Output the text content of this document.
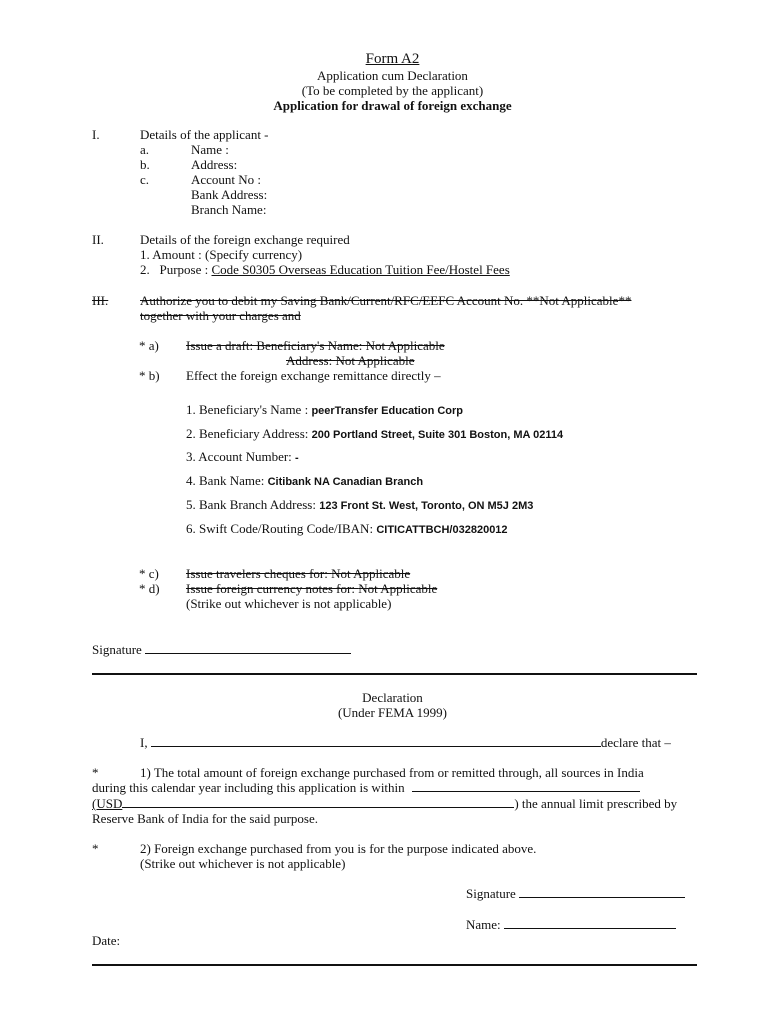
Form A2
Application cum Declaration
(To be completed by the applicant)
Application for drawal of foreign exchange
I.	Details of the applicant -
a.	Name :
b.	Address:
c.	Account No :
Bank Address:
Branch Name:
II.	Details of the foreign exchange required
1. Amount : (Specify currency)
2.   Purpose : Code S0305 Overseas Education Tuition Fee/Hostel Fees
III. Authorize you to debit my Saving Bank/Current/RFC/EEFC Account No. **Not Applicable**
together with your charges and
* a) Issue a draft: Beneficiary's Name: Not Applicable
Address: Not Applicable
* b) Effect the foreign exchange remittance directly –
1. Beneficiary's Name : peerTransfer Education Corp
2. Beneficiary Address: 200 Portland Street, Suite 301 Boston, MA 02114
3. Account Number: -
4. Bank Name: Citibank NA Canadian Branch
5. Bank Branch Address: 123 Front St. West, Toronto, ON M5J 2M3
6. Swift Code/Routing Code/IBAN: CITICATTBCH/032820012
* c) Issue travelers cheques for: Not Applicable
* d) Issue foreign currency notes for: Not Applicable
(Strike out whichever is not applicable)
Signature
Declaration
(Under FEMA 1999)
I,	declare that –
*	1) The total amount of foreign exchange purchased from or remitted through, all sources in India
during this calendar year including this application is within
(USD	) the annual limit prescribed by
Reserve Bank of India for the said purpose.
*	2) Foreign exchange purchased from you is for the purpose indicated above.
(Strike out whichever is not applicable)
Signature
Name:
Date:
